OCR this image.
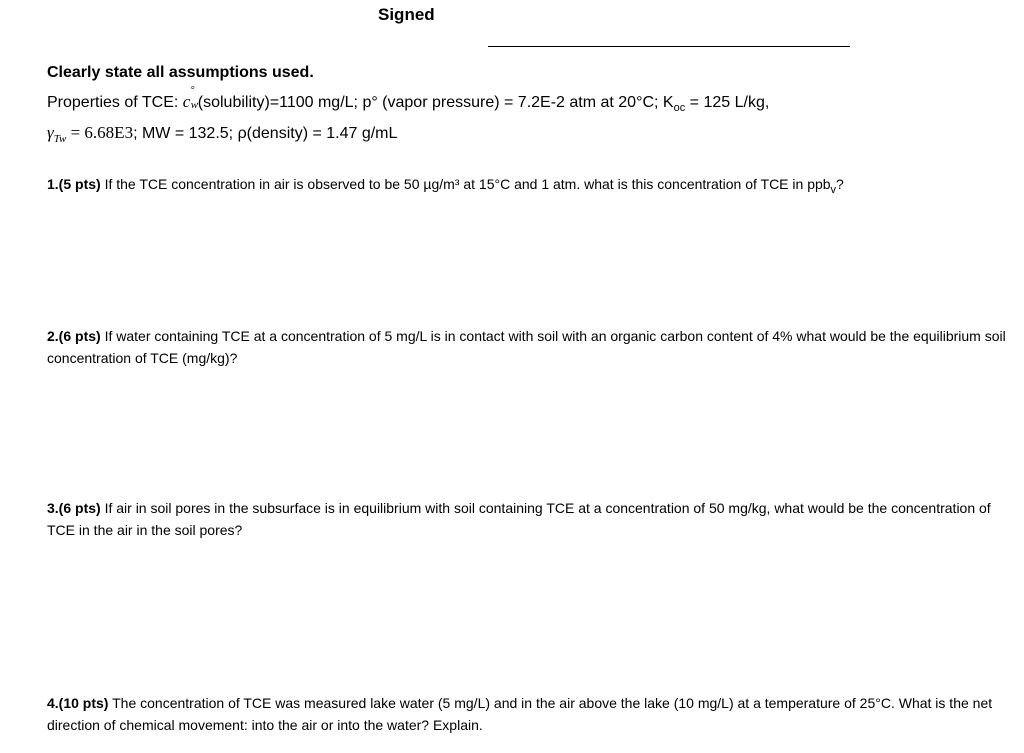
Signed
Clearly state all assumptions used.
Properties of TCE: c
°
w (solubility)=1100 mg/L; p° (vapor pressure) = 7.2E-2 atm at 20°C; $K_{oc} = 125$ L/kg,
$\gamma_{Tw} = 6.68E3$; MW = 132.5; ρ(density) = 1.47 g/mL
1.(5 pts) If the TCE concentration in air is observed to be 50 µg/m³ at 15°C and 1 atm. what is this concentration of TCE in ppb$_v$?
2.(6 pts) If water containing TCE at a concentration of 5 mg/L is in contact with soil with an organic carbon content of 4% what would be the equilibrium soil concentration of TCE (mg/kg)?
3.(6 pts) If air in soil pores in the subsurface is in equilibrium with soil containing TCE at a concentration of 50 mg/kg, what would be the concentration of TCE in the air in the soil pores?
4.(10 pts) The concentration of TCE was measured lake water (5 mg/L) and in the air above the lake (10 mg/L) at a temperature of 25°C. What is the net direction of chemical movement: into the air or into the water? Explain.
